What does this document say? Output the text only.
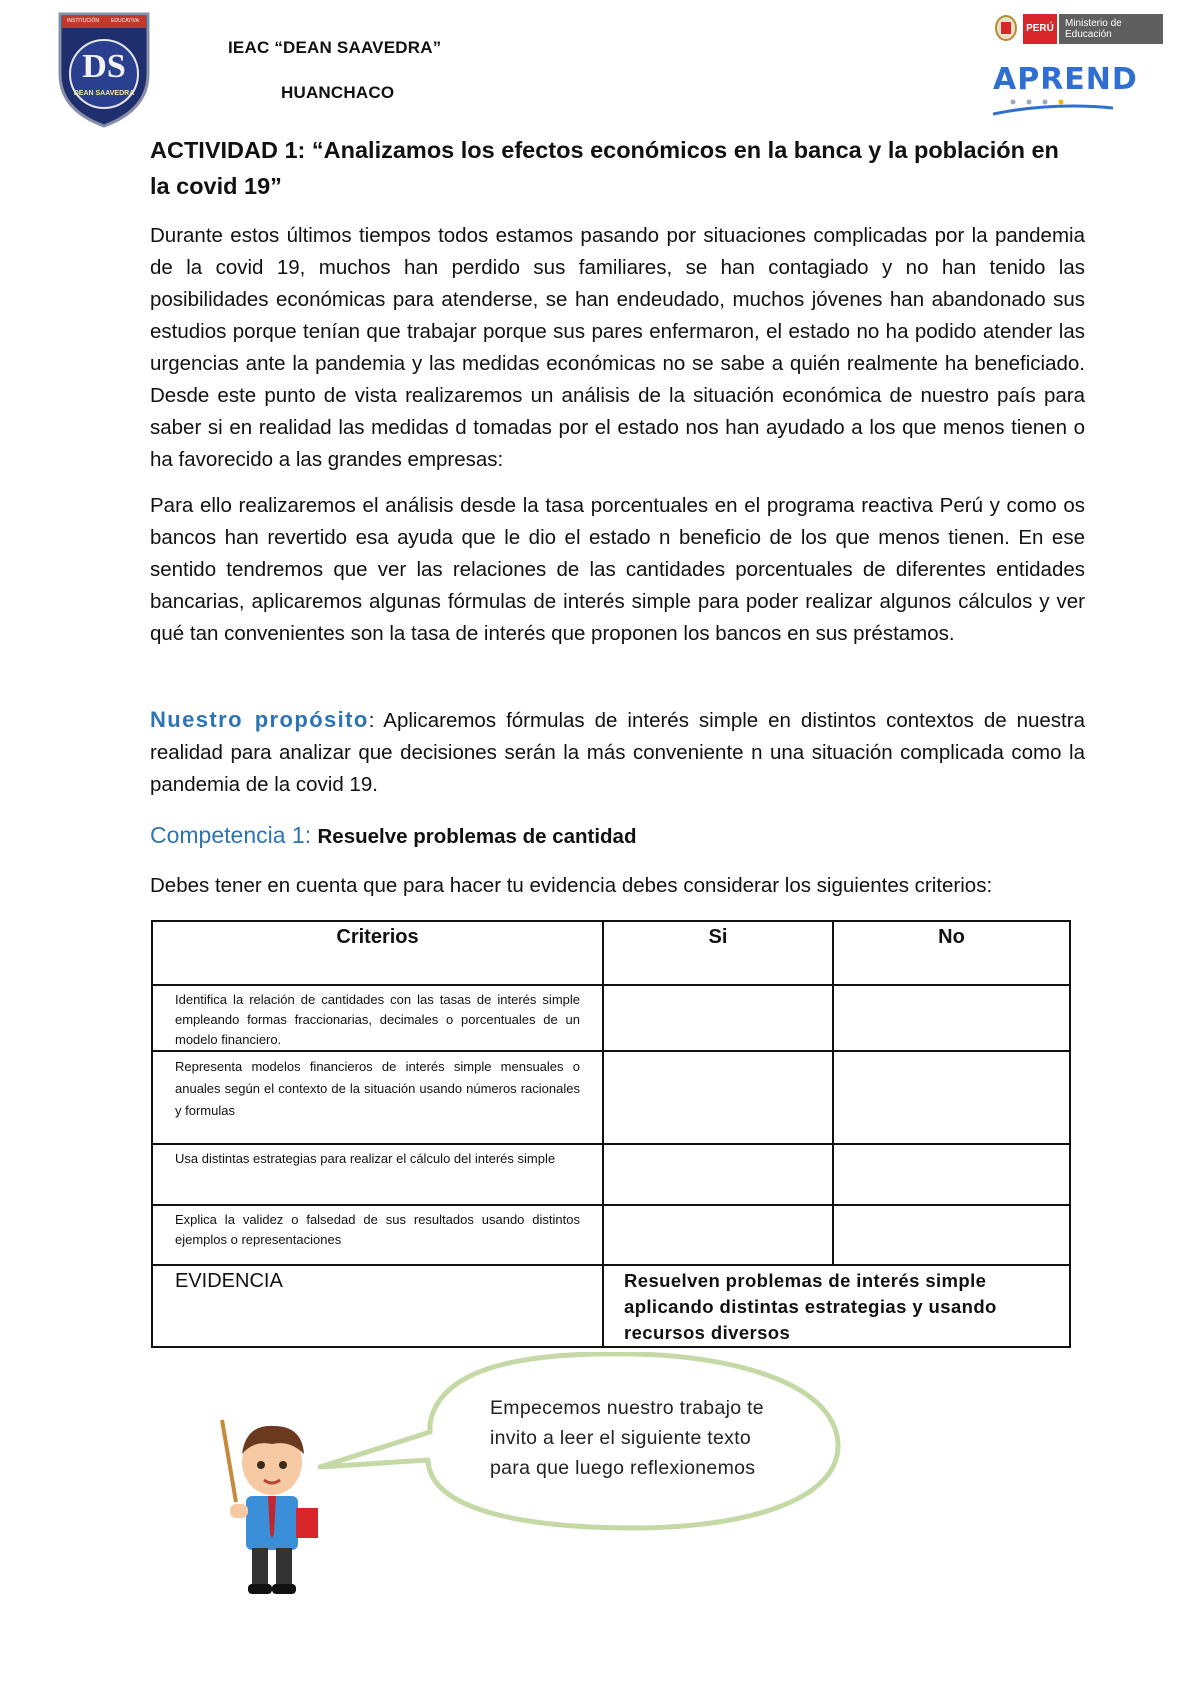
INSTITUCIÓN	EDUCATIVA
DS
DEAN SAAVEDRA
IEAC “DEAN SAAVEDRA”
HUANCHACO
PERÚ	Ministerio de Educación
APREND
ACTIVIDAD 1: “Analizamos los efectos económicos en la banca y la población en la covid 19”

Durante estos últimos tiempos todos estamos pasando por situaciones complicadas por la pandemia de la covid 19, muchos han perdido sus familiares, se han contagiado y no han tenido las posibilidades económicas para atenderse, se han endeudado, muchos jóvenes han abandonado sus estudios porque tenían que trabajar porque sus pares enfermaron, el estado no ha podido atender las urgencias ante la pandemia y las medidas económicas no se sabe a quién realmente ha beneficiado. Desde este punto de vista realizaremos un análisis de la situación económica de nuestro país para saber si en realidad las medidas d tomadas por el estado nos han ayudado a los que menos tienen o ha favorecido a las grandes empresas:

Para ello realizaremos el análisis desde la tasa porcentuales en el programa reactiva Perú y como os bancos han revertido esa ayuda que le dio el estado n beneficio de los que menos tienen. En ese sentido tendremos que ver las relaciones de las cantidades porcentuales de diferentes entidades bancarias, aplicaremos algunas fórmulas de interés simple para poder realizar algunos cálculos y ver qué tan convenientes son la tasa de interés que proponen los bancos en sus préstamos.

Nuestro propósito: Aplicaremos fórmulas de interés simple en distintos contextos de nuestra realidad para analizar que decisiones serán la más conveniente n una situación complicada como la pandemia de la covid 19.

Competencia 1: Resuelve problemas de cantidad
Debes tener en cuenta que para hacer tu evidencia debes considerar los siguientes criterios:
Criterios	Si	No

Identifica la relación de cantidades con las tasas de interés simple empleando formas fraccionarias, decimales o porcentuales de un modelo financiero.		

Representa modelos financieros de interés simple mensuales o anuales según el contexto de la situación usando números racionales y formulas		

Usa distintas estrategias para realizar el cálculo del interés simple		

Explica la validez o falsedad de sus resultados usando distintos ejemplos o representaciones		

EVIDENCIA	Resuelven problemas de interés simple aplicando distintas estrategias y usando recursos diversos	
Empecemos nuestro trabajo te invito a leer el siguiente texto para que luego reflexionemos
